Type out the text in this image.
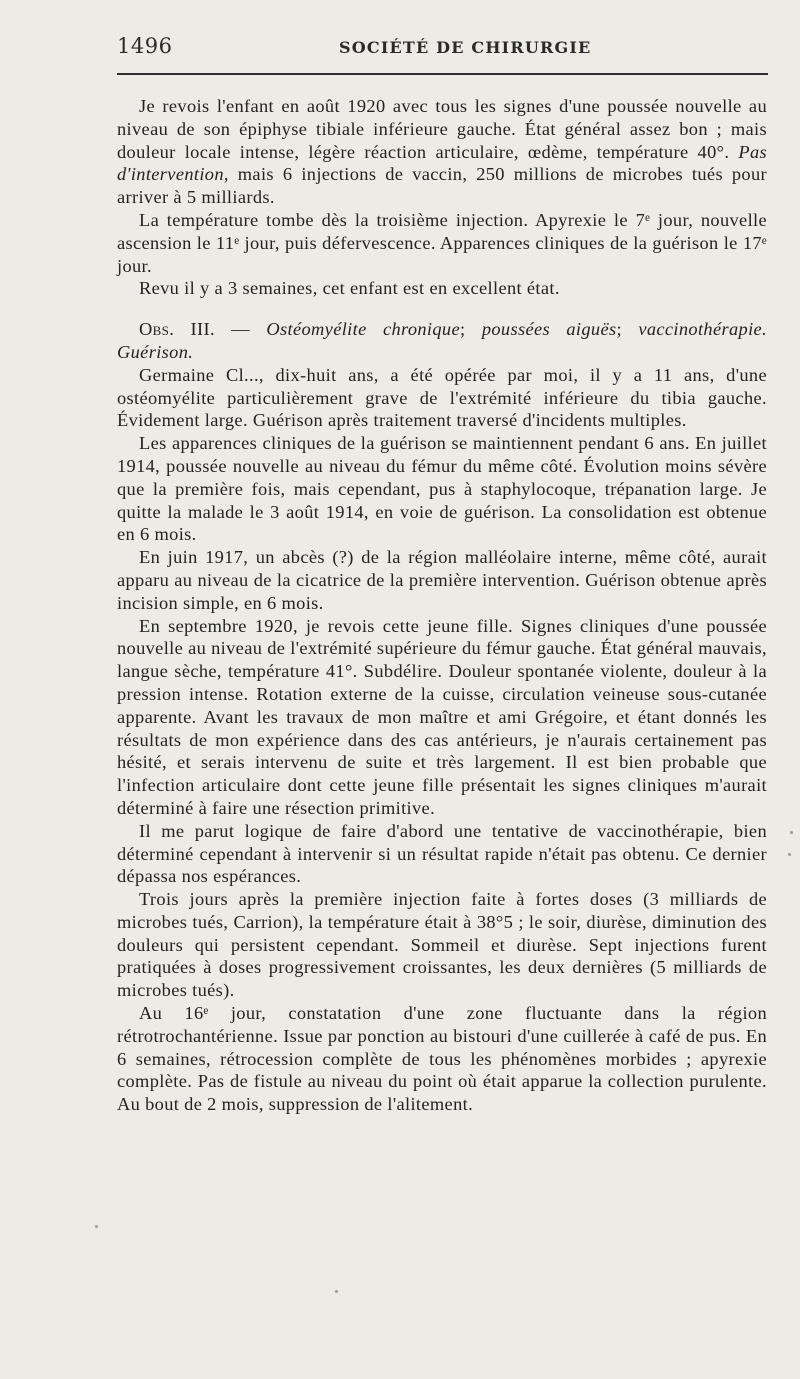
1496	SOCIÉTÉ DE CHIRURGIE

Je revois l'enfant en août 1920 avec tous les signes d'une poussée nouvelle au niveau de son épiphyse tibiale inférieure gauche. État général assez bon ; mais douleur locale intense, légère réaction articulaire, œdème, température 40°. Pas d'intervention, mais 6 injections de vaccin, 250 millions de microbes tués pour arriver à 5 milliards.

La température tombe dès la troisième injection. Apyrexie le 7ᵉ jour, nouvelle ascension le 11ᵉ jour, puis défervescence. Apparences cliniques de la guérison le 17ᵉ jour.

Revu il y a 3 semaines, cet enfant est en excellent état.

Obs. III. — Ostéomyélite chronique; poussées aiguës; vaccinothérapie. Guérison.

Germaine Cl..., dix-huit ans, a été opérée par moi, il y a 11 ans, d'une ostéomyélite particulièrement grave de l'extrémité inférieure du tibia gauche. Évidement large. Guérison après traitement traversé d'incidents multiples.

Les apparences cliniques de la guérison se maintiennent pendant 6 ans. En juillet 1914, poussée nouvelle au niveau du fémur du même côté. Évolution moins sévère que la première fois, mais cependant, pus à staphylocoque, trépanation large. Je quitte la malade le 3 août 1914, en voie de guérison. La consolidation est obtenue en 6 mois.

En juin 1917, un abcès (?) de la région malléolaire interne, même côté, aurait apparu au niveau de la cicatrice de la première intervention. Guérison obtenue après incision simple, en 6 mois.

En septembre 1920, je revois cette jeune fille. Signes cliniques d'une poussée nouvelle au niveau de l'extrémité supérieure du fémur gauche. État général mauvais, langue sèche, température 41°. Subdélire. Douleur spontanée violente, douleur à la pression intense. Rotation externe de la cuisse, circulation veineuse sous-cutanée apparente. Avant les travaux de mon maître et ami Grégoire, et étant donnés les résultats de mon expérience dans des cas antérieurs, je n'aurais certainement pas hésité, et serais intervenu de suite et très largement. Il est bien probable que l'infection articulaire dont cette jeune fille présentait les signes cliniques m'aurait déterminé à faire une résection primitive.

Il me parut logique de faire d'abord une tentative de vaccinothérapie, bien déterminé cependant à intervenir si un résultat rapide n'était pas obtenu. Ce dernier dépassa nos espérances.

Trois jours après la première injection faite à fortes doses (3 milliards de microbes tués, Carrion), la température était à 38°5 ; le soir, diurèse, diminution des douleurs qui persistent cependant. Sommeil et diurèse. Sept injections furent pratiquées à doses progressivement croissantes, les deux dernières (5 milliards de microbes tués).

Au 16ᵉ jour, constatation d'une zone fluctuante dans la région rétrotrochantérienne. Issue par ponction au bistouri d'une cuillerée à café de pus. En 6 semaines, rétrocession complète de tous les phénomènes morbides ; apyrexie complète. Pas de fistule au niveau du point où était apparue la collection purulente. Au bout de 2 mois, suppression de l'alitement.
